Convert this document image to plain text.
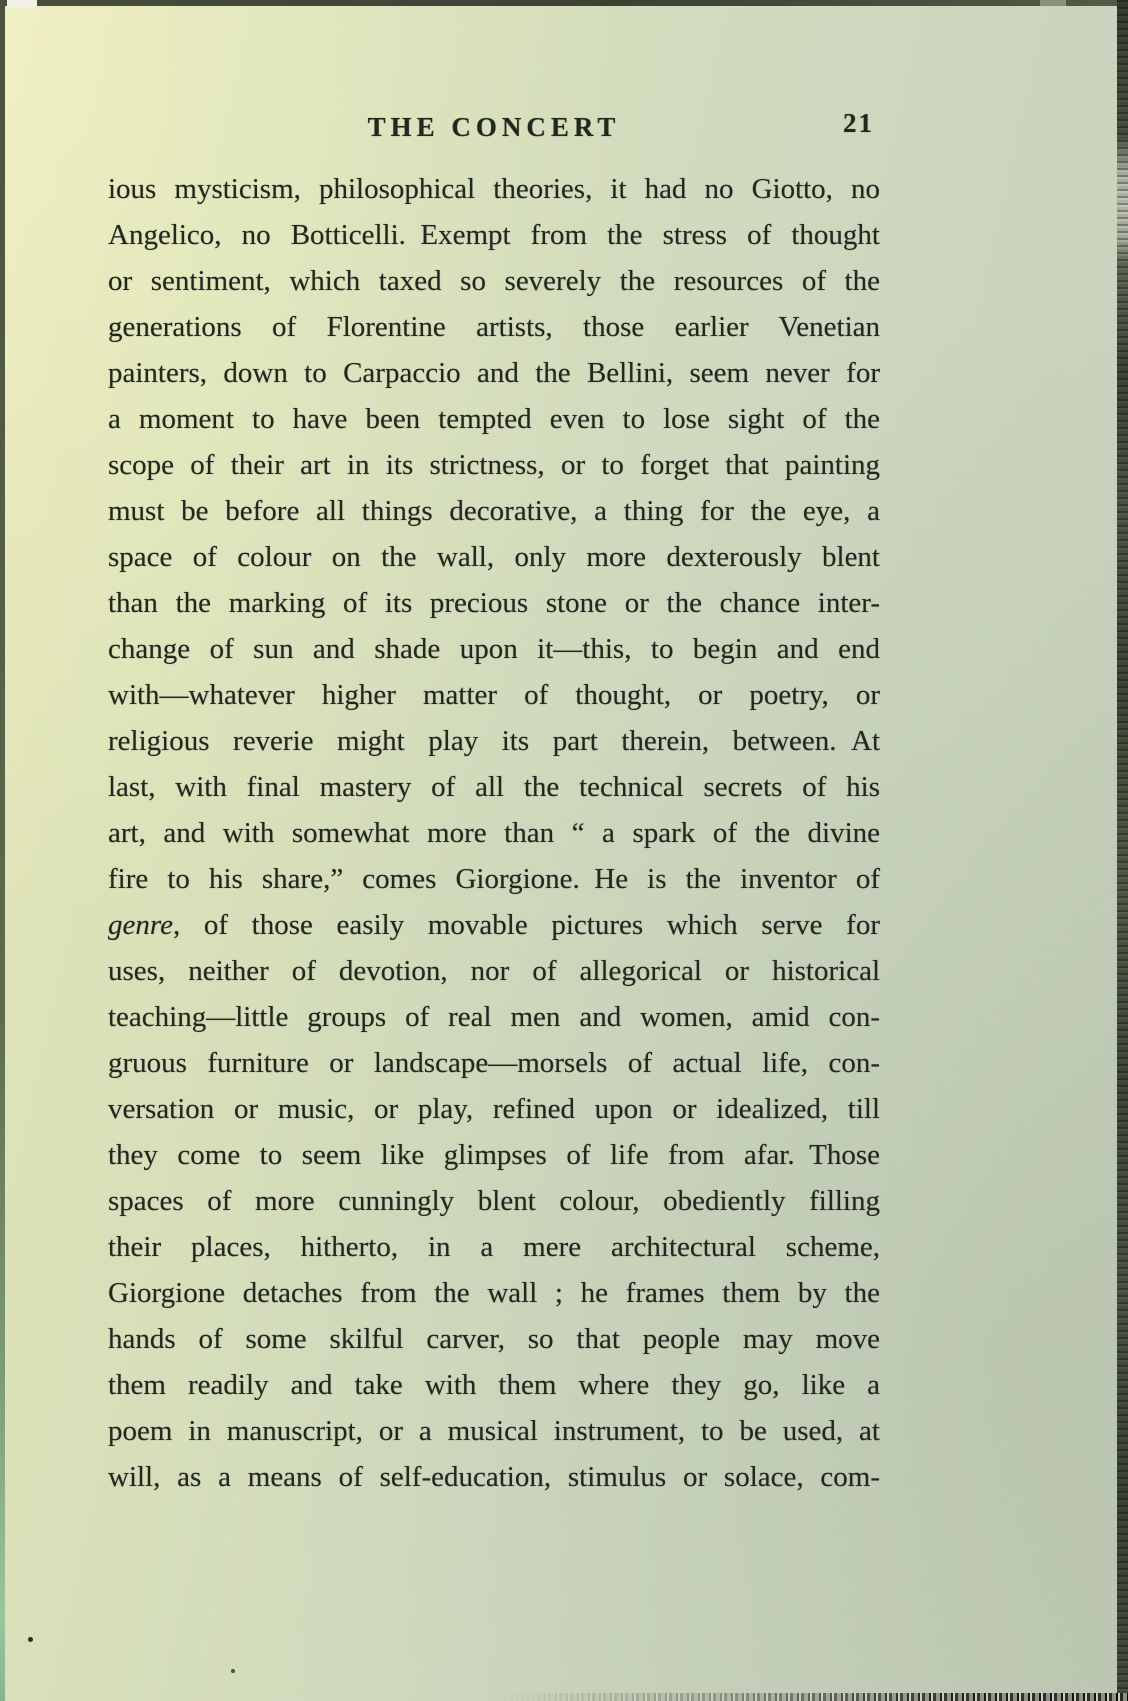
THE CONCERT	21
ious mysticism, philosophical theories, it had no Giotto, no
Angelico, no Botticelli. Exempt from the stress of thought
or sentiment, which taxed so severely the resources of the
generations of Florentine artists, those earlier Venetian
painters, down to Carpaccio and the Bellini, seem never for
a moment to have been tempted even to lose sight of the
scope of their art in its strictness, or to forget that painting
must be before all things decorative, a thing for the eye, a
space of colour on the wall, only more dexterously blent
than the marking of its precious stone or the chance inter-
change of sun and shade upon it—this, to begin and end
with—whatever higher matter of thought, or poetry, or
religious reverie might play its part therein, between. At
last, with final mastery of all the technical secrets of his
art, and with somewhat more than “ a spark of the divine
fire to his share,” comes Giorgione. He is the inventor of
genre, of those easily movable pictures which serve for
uses, neither of devotion, nor of allegorical or historical
teaching—little groups of real men and women, amid con-
gruous furniture or landscape—morsels of actual life, con-
versation or music, or play, refined upon or idealized, till
they come to seem like glimpses of life from afar. Those
spaces of more cunningly blent colour, obediently filling
their places, hitherto, in a mere architectural scheme,
Giorgione detaches from the wall ; he frames them by the
hands of some skilful carver, so that people may move
them readily and take with them where they go, like a
poem in manuscript, or a musical instrument, to be used, at
will, as a means of self-education, stimulus or solace, com-
